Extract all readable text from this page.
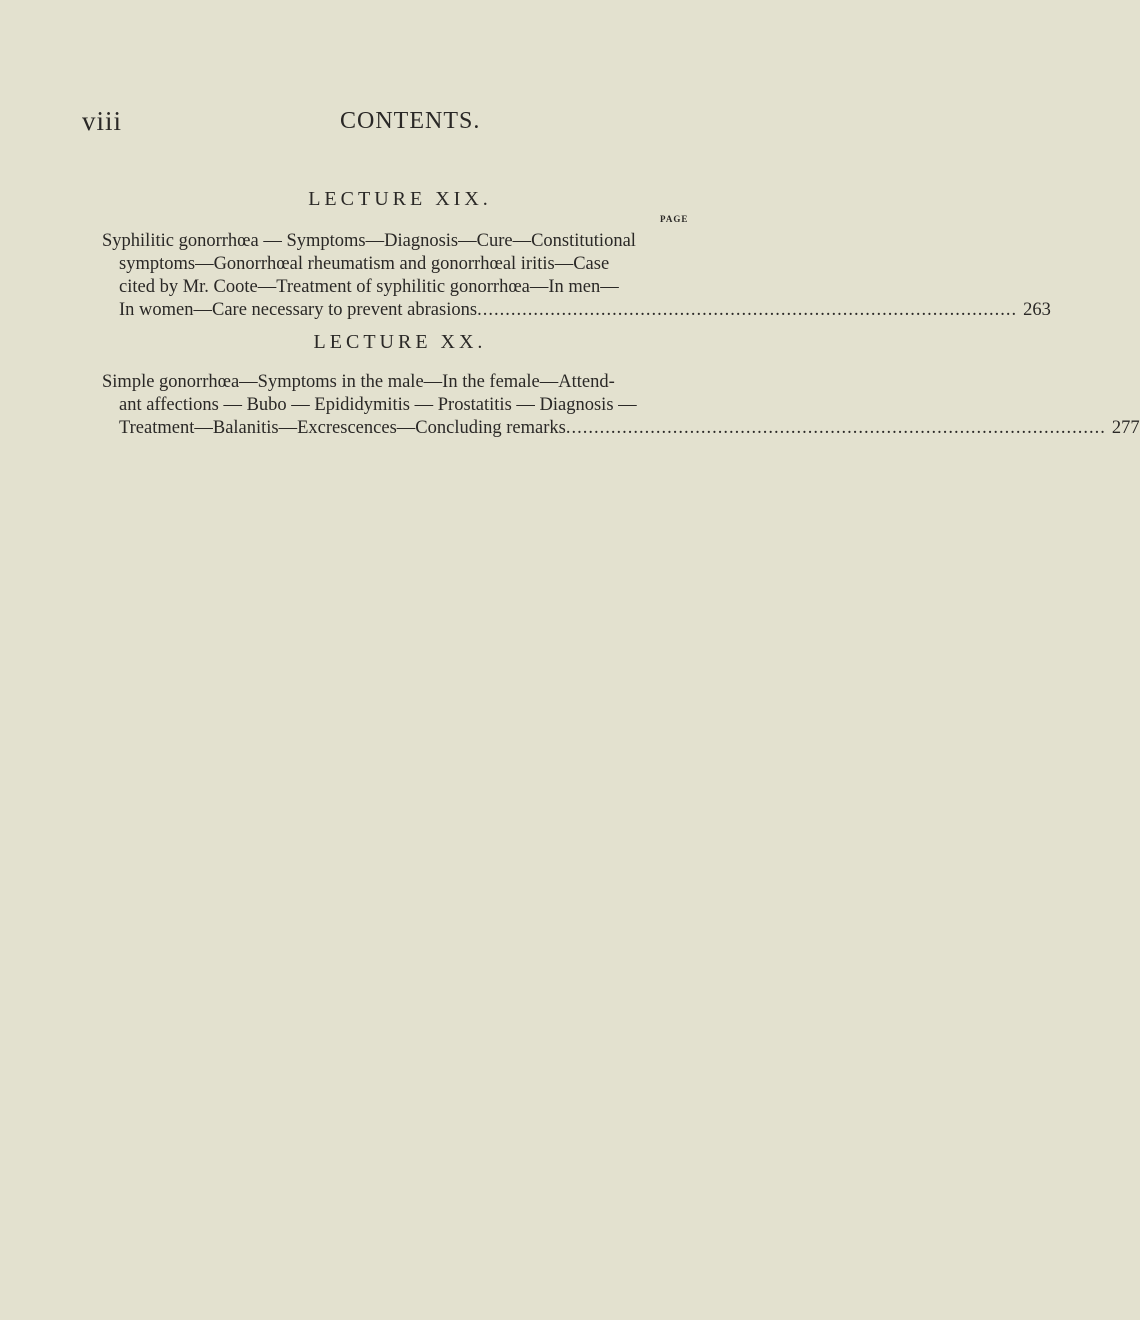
viii	CONTENTS.
LECTURE XIX.
PAGE
Syphilitic gonorrhœa — Symptoms—Diagnosis—Cure—Constitutional
symptoms—Gonorrhœal rheumatism and gonorrhœal iritis—Case
cited by Mr. Coote—Treatment of syphilitic gonorrhœa—In men—
In women—Care necessary to prevent abrasions ................................................................................................ 263
LECTURE XX.
Simple gonorrhœa—Symptoms in the male—In the female—Attend-
ant affections — Bubo — Epididymitis — Prostatitis — Diagnosis —
Treatment—Balanitis—Excrescences—Concluding remarks ................................................................................................ 277
